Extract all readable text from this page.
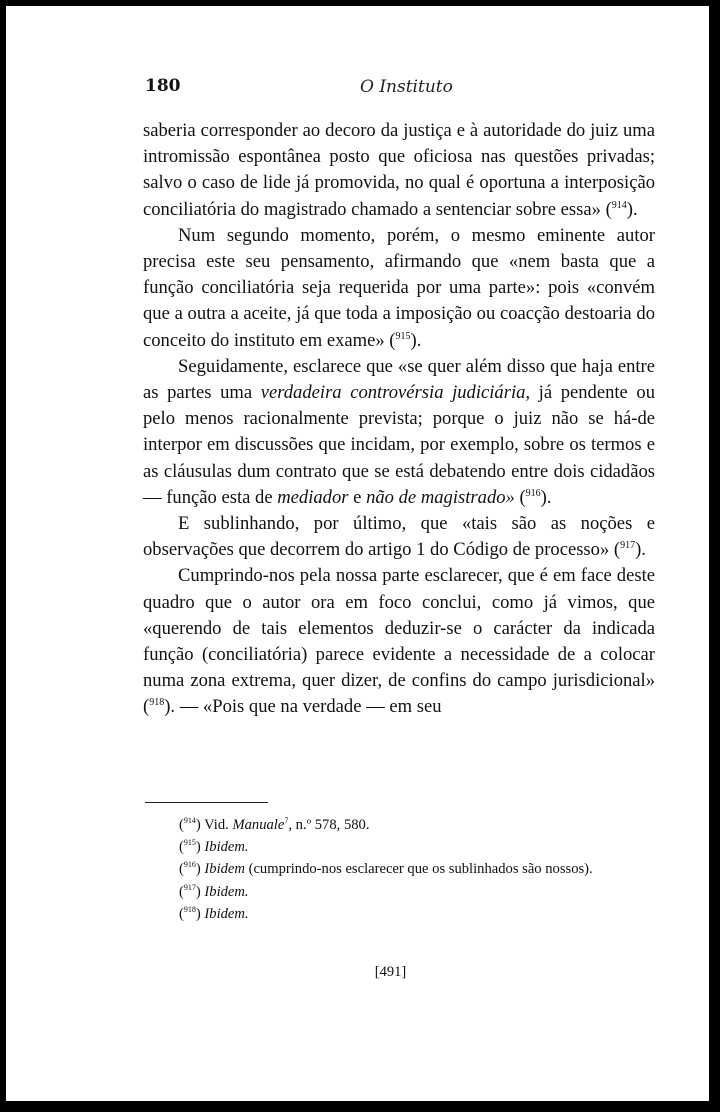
180	O Instituto

saberia corresponder ao decoro da justiça e à autoridade do juiz uma intromissão espontânea posto que oficiosa nas questões privadas; salvo o caso de lide já promovida, no qual é oportuna a interposição conciliatória do magistrado chamado a sentenciar sobre essa» ($^{914}$).

Num segundo momento, porém, o mesmo eminente autor precisa este seu pensamento, afirmando que «nem basta que a função conciliatória seja requerida por uma parte»: pois «convém que a outra a aceite, já que toda a imposição ou coacção destoaria do conceito do instituto em exame» ($^{915}$).

Seguidamente, esclarece que «se quer além disso que haja entre as partes uma verdadeira controvérsia judiciária, já pendente ou pelo menos racionalmente prevista; porque o juiz não se há-de interpor em discussões que incidam, por exemplo, sobre os termos e as cláusulas dum contrato que se está debatendo entre dois cidadãos — função esta de mediador e não de magistrado» ($^{916}$).

E sublinhando, por último, que «tais são as noções e observações que decorrem do artigo 1 do Código de processo» ($^{917}$).

Cumprindo-nos pela nossa parte esclarecer, que é em face deste quadro que o autor ora em foco conclui, como já vimos, que «querendo de tais elementos deduzir-se o carácter da indicada função (conciliatória) parece evidente a necessidade de a colocar numa zona extrema, quer dizer, de confins do campo jurisdicional» ($^{918}$). — «Pois que na verdade — em seu

($^{914}$) Vid. Manuale$^7$, n.º 578, 580.

($^{915}$) Ibidem.

($^{916}$) Ibidem (cumprindo-nos esclarecer que os sublinhados são nossos).

($^{917}$) Ibidem.

($^{918}$) Ibidem.

[491]
